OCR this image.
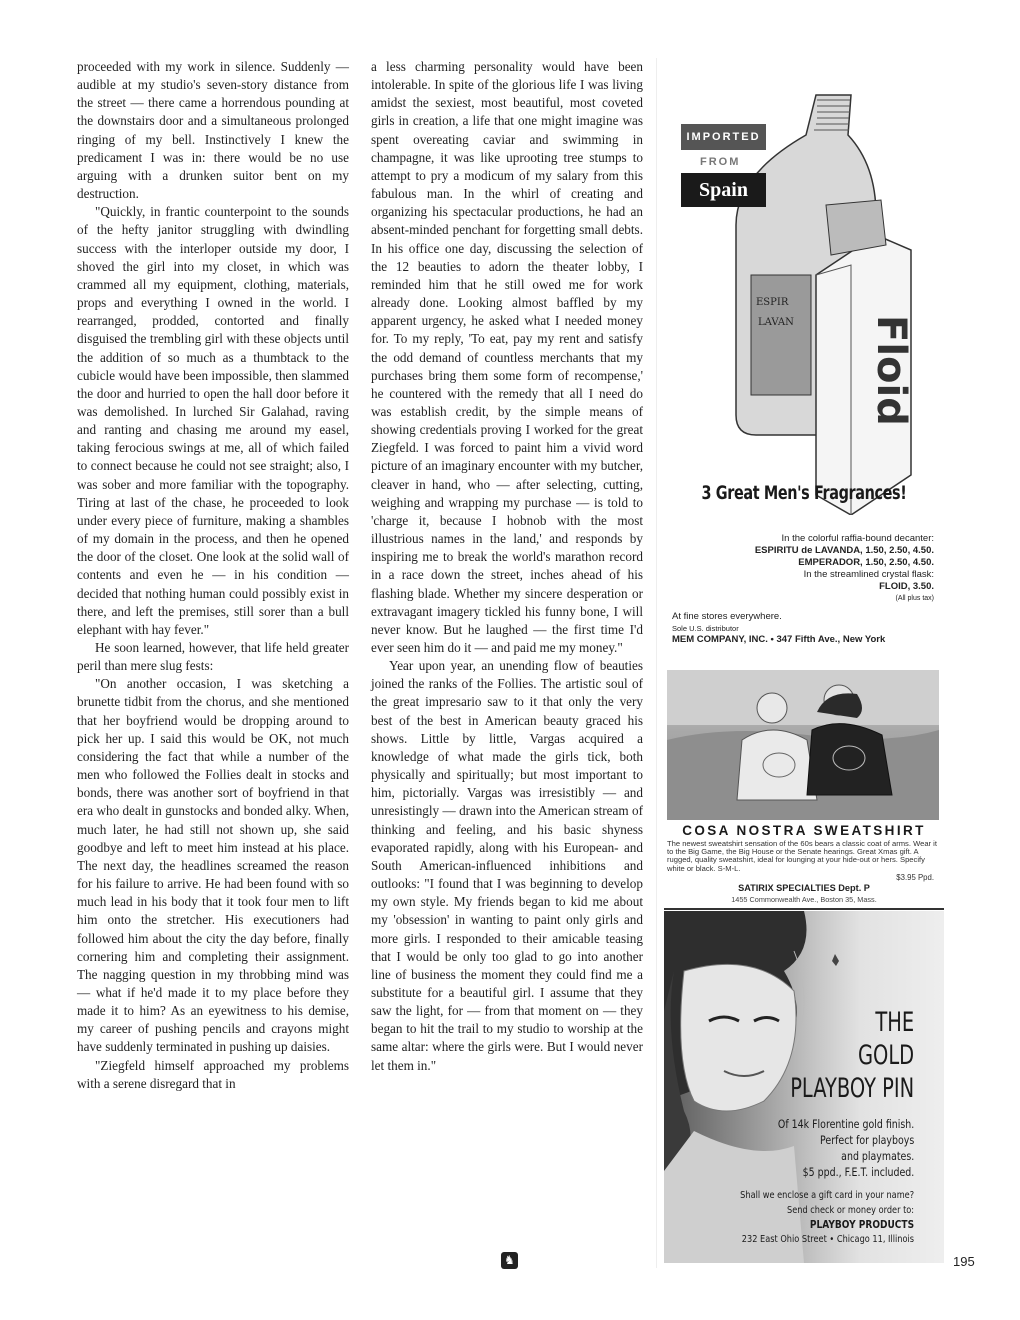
proceeded with my work in silence. Suddenly — audible at my studio's seven-story distance from the street — there came a horrendous pounding at the downstairs door and a simultaneous prolonged ringing of my bell. Instinctively I knew the predicament I was in: there would be no use arguing with a drunken suitor bent on my destruction.

"Quickly, in frantic counterpoint to the sounds of the hefty janitor struggling with dwindling success with the interloper outside my door, I shoved the girl into my closet, in which was crammed all my equipment, clothing, materials, props and everything I owned in the world. I rearranged, prodded, contorted and finally disguised the trembling girl with these objects until the addition of so much as a thumbtack to the cubicle would have been impossible, then slammed the door and hurried to open the hall door before it was demolished. In lurched Sir Galahad, raving and ranting and chasing me around my easel, taking ferocious swings at me, all of which failed to connect because he could not see straight; also, I was sober and more familiar with the topography. Tiring at last of the chase, he proceeded to look under every piece of furniture, making a shambles of my domain in the process, and then he opened the door of the closet. One look at the solid wall of contents and even he — in his condition — decided that nothing human could possibly exist in there, and left the premises, still sorer than a bull elephant with hay fever."

He soon learned, however, that life held greater peril than mere slug fests:

"On another occasion, I was sketching a brunette tidbit from the chorus, and she mentioned that her boyfriend would be dropping around to pick her up. I said this would be OK, not much considering the fact that while a number of the men who followed the Follies dealt in stocks and bonds, there was another sort of boyfriend in that era who dealt in gunstocks and bonded alky. When, much later, he had still not shown up, she said goodbye and left to meet him instead at his place. The next day, the headlines screamed the reason for his failure to arrive. He had been found with so much lead in his body that it took four men to lift him onto the stretcher. His executioners had followed him about the city the day before, finally cornering him and completing their assignment. The nagging question in my throbbing mind was — what if he'd made it to my place before they made it to him? As an eyewitness to his demise, my career of pushing pencils and crayons might have suddenly terminated in pushing up daisies.

"Ziegfeld himself approached my problems with a serene disregard that in

a less charming personality would have been intolerable. In spite of the glorious life I was living amidst the sexiest, most beautiful, most coveted girls in creation, a life that one might imagine was spent overeating caviar and swimming in champagne, it was like uprooting tree stumps to attempt to pry a modicum of my salary from this fabulous man. In the whirl of creating and organizing his spectacular productions, he had an absent-minded penchant for forgetting small debts. In his office one day, discussing the selection of the 12 beauties to adorn the theater lobby, I reminded him that he still owed me for work already done. Looking almost baffled by my apparent urgency, he asked what I needed money for. To my reply, 'To eat, pay my rent and satisfy the odd demand of countless merchants that my purchases bring them some form of recompense,' he countered with the remedy that all I need do was establish credit, by the simple means of showing credentials proving I worked for the great Ziegfeld. I was forced to paint him a vivid word picture of an imaginary encounter with my butcher, cleaver in hand, who — after selecting, cutting, weighing and wrapping my purchase — is told to 'charge it, because I hobnob with the most illustrious names in the land,' and responds by inspiring me to break the world's marathon record in a race down the street, inches ahead of his flashing blade. Whether my sincere desperation or extravagant imagery tickled his funny bone, I will never know. But he laughed — the first time I'd ever seen him do it — and paid me my money."

Year upon year, an unending flow of beauties joined the ranks of the Follies. The artistic soul of the great impresario saw to it that only the very best of the best in American beauty graced his shows. Little by little, Vargas acquired a knowledge of what made the girls tick, both physically and spiritually; but most important to him, pictorially. Vargas was irresistibly — and unresistingly — drawn into the American stream of thinking and feeling, and his basic shyness evaporated rapidly, along with his European- and South American-influenced inhibitions and outlooks: "I found that I was beginning to develop my own style. My friends began to kid me about my 'obsession' in wanting to paint only girls and more girls. I responded to their amicable teasing that I would be only too glad to go into another line of business the moment they could find me a substitute for a beautiful girl. I assume that they saw the light, for — from that moment on — they began to hit the trail to my studio to worship at the same altar: where the girls were. But I would never let them in."

♞
ESPIR
LAVAN Floid
IMPORTED
FROM
Spain
3 Great Men's Fragrances!
In the colorful raffia-bound decanter:
ESPIRITU de LAVANDA, 1.50, 2.50, 4.50.
EMPERADOR, 1.50, 2.50, 4.50.
In the streamlined crystal flask:
FLOID, 3.50.
(All plus tax)
At fine stores everywhere.
Sole U.S. distributor
MEM COMPANY, INC. • 347 Fifth Ave., New York
COSA NOSTRA SWEATSHIRT
The newest sweatshirt sensation of the 60s bears a classic coat of arms. Wear it to the Big Game, the Big House or the Senate hearings. Great Xmas gift. A rugged, quality sweatshirt, ideal for lounging at your hide-out or hers. Specify white or black. S-M-L.
$3.95 Ppd.
SATIRIX SPECIALTIES Dept. P
1455 Commonwealth Ave., Boston 35, Mass.
THE
GOLD
PLAYBOY PIN
Of 14k Florentine gold finish.
Perfect for playboys
and playmates.
$5 ppd., F.E.T. included.
Shall we enclose a gift card in your name?
Send check or money order to:
PLAYBOY PRODUCTS
232 East Ohio Street • Chicago 11, Illinois
195
